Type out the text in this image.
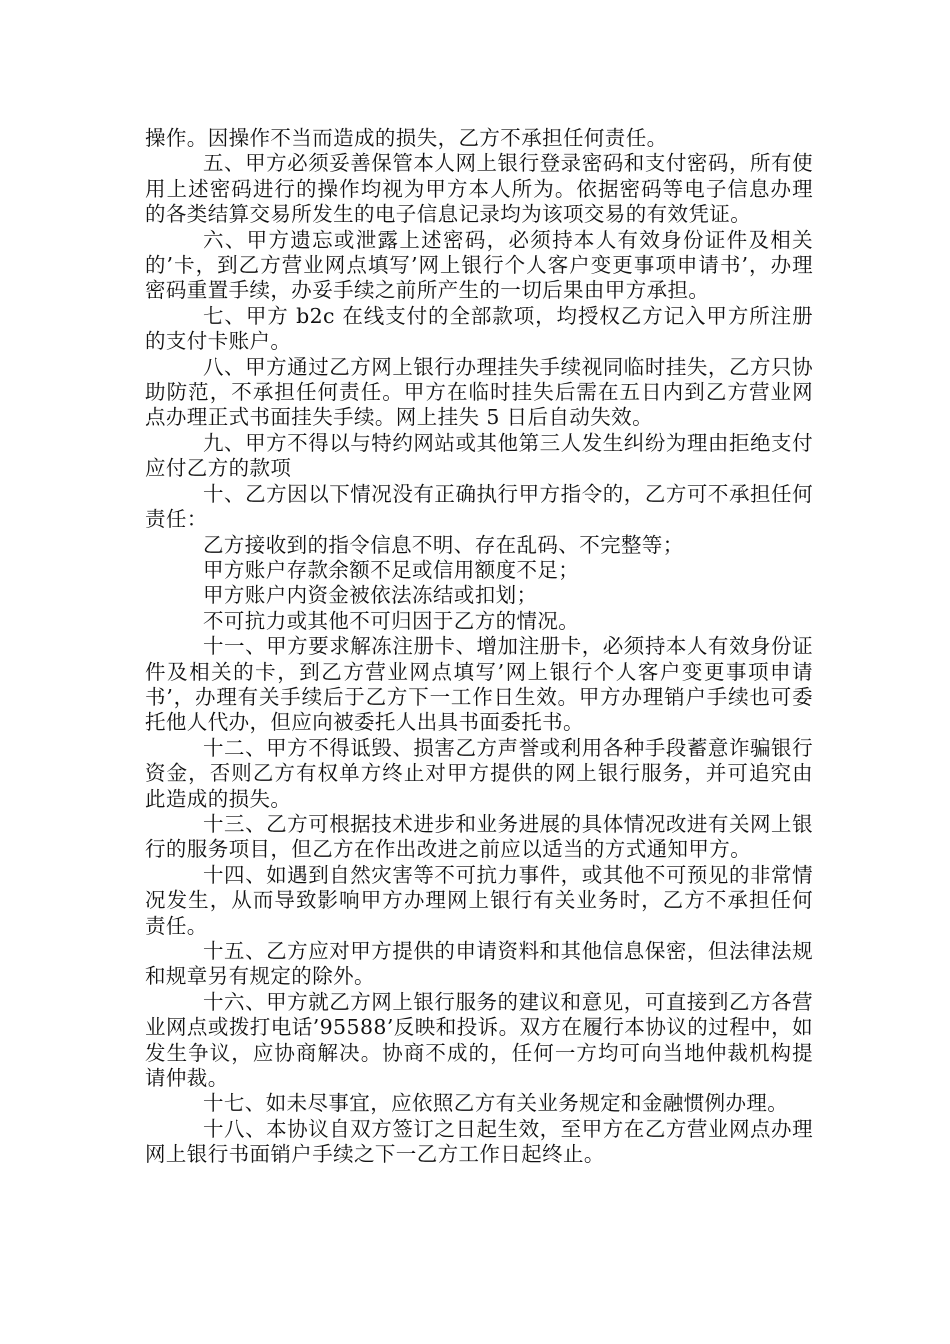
操作。因操作不当而造成的损失，乙方不承担任何责任。

五、甲方必须妥善保管本人网上银行登录密码和支付密码，所有使用上述密码进行的操作均视为甲方本人所为。依据密码等电子信息办理的各类结算交易所发生的电子信息记录均为该项交易的有效凭证。

六、甲方遗忘或泄露上述密码，必须持本人有效身份证件及相关的’卡，到乙方营业网点填写’网上银行个人客户变更事项申请书’，办理密码重置手续，办妥手续之前所产生的一切后果由甲方承担。

七、甲方 b2c 在线支付的全部款项，均授权乙方记入甲方所注册的支付卡账户。

八、甲方通过乙方网上银行办理挂失手续视同临时挂失，乙方只协助防范，不承担任何责任。甲方在临时挂失后需在五日内到乙方营业网点办理正式书面挂失手续。网上挂失 5 日后自动失效。

九、甲方不得以与特约网站或其他第三人发生纠纷为理由拒绝支付应付乙方的款项

十、乙方因以下情况没有正确执行甲方指令的，乙方可不承担任何责任：

乙方接收到的指令信息不明、存在乱码、不完整等；

甲方账户存款余额不足或信用额度不足；

甲方账户内资金被依法冻结或扣划；

不可抗力或其他不可归因于乙方的情况。

十一、甲方要求解冻注册卡、增加注册卡，必须持本人有效身份证件及相关的卡，到乙方营业网点填写’网上银行个人客户变更事项申请书’，办理有关手续后于乙方下一工作日生效。甲方办理销户手续也可委托他人代办，但应向被委托人出具书面委托书。

十二、甲方不得诋毁、损害乙方声誉或利用各种手段蓄意诈骗银行资金，否则乙方有权单方终止对甲方提供的网上银行服务，并可追究由此造成的损失。

十三、乙方可根据技术进步和业务进展的具体情况改进有关网上银行的服务项目，但乙方在作出改进之前应以适当的方式通知甲方。

十四、如遇到自然灾害等不可抗力事件，或其他不可预见的非常情况发生，从而导致影响甲方办理网上银行有关业务时，乙方不承担任何责任。

十五、乙方应对甲方提供的申请资料和其他信息保密，但法律法规和规章另有规定的除外。

十六、甲方就乙方网上银行服务的建议和意见，可直接到乙方各营业网点或拨打电话’95588’反映和投诉。双方在履行本协议的过程中，如发生争议，应协商解决。协商不成的，任何一方均可向当地仲裁机构提请仲裁。

十七、如未尽事宜，应依照乙方有关业务规定和金融惯例办理。

十八、本协议自双方签订之日起生效，至甲方在乙方营业网点办理网上银行书面销户手续之下一乙方工作日起终止。
